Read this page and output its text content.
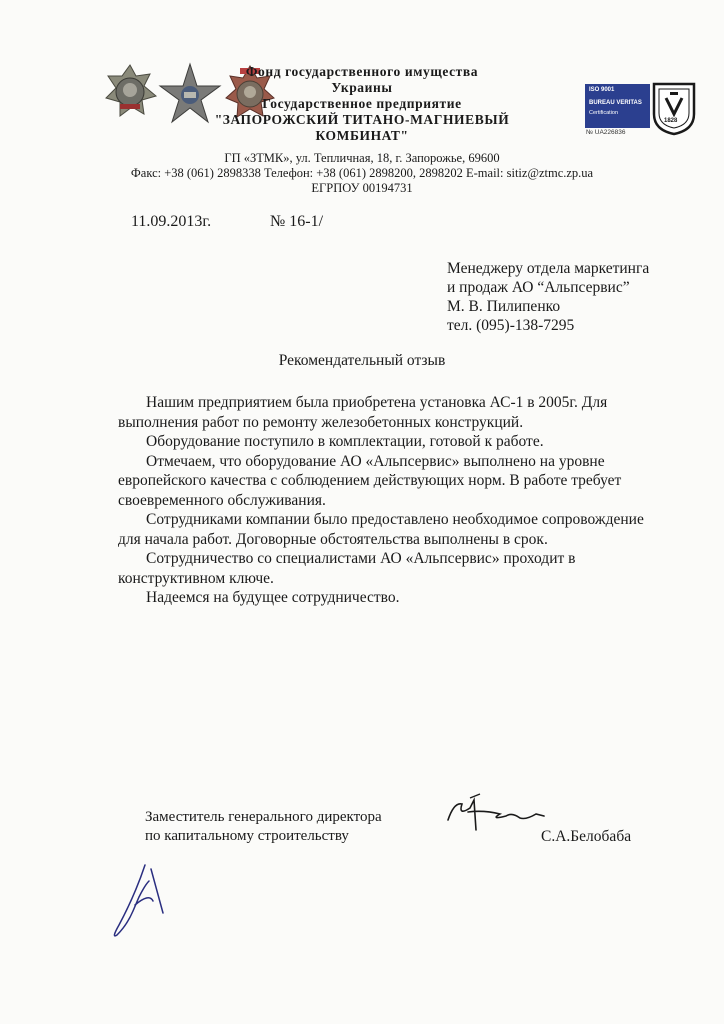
Фонд государственного имущества
Украины
Государственное предприятие
"ЗАПОРОЖСКИЙ ТИТАНО-МАГНИЕВЫЙ
КОМБИНАТ"
ISO 9001
BUREAU VERITAS
Certification
№ UA226836
1828
ГП «ЗТМК», ул. Тепличная, 18, г. Запорожье, 69600
Факс: +38 (061) 2898338 Телефон: +38 (061) 2898200, 2898202 E-mail: sitiz@ztmc.zp.ua
ЕГРПОУ 00194731
11.09.2013г.	№ 16-1/
Менеджеру отдела маркетинга
и продаж АО “Альпсервис”
М. В. Пилипенко
тел. (095)-138-7295
Рекомендательный отзыв

Нашим предприятием была приобретена установка АС-1 в 2005г. Для выполнения работ по ремонту железобетонных конструкций.

Оборудование поступило в комплектации, готовой к работе.

Отмечаем, что оборудование АО «Альпсервис» выполнено на уровне европейского качества с соблюдением действующих норм. В работе требует своевременного обслуживания.

Сотрудниками компании было предоставлено необходимое сопровождение для начала работ. Договорные обстоятельства выполнены в срок.

Сотрудничество со специалистами АО «Альпсервис» проходит в конструктивном ключе.

Надеемся на будущее сотрудничество.

Заместитель генерального директора
по капитальному строительству	С.А.Белобаба
